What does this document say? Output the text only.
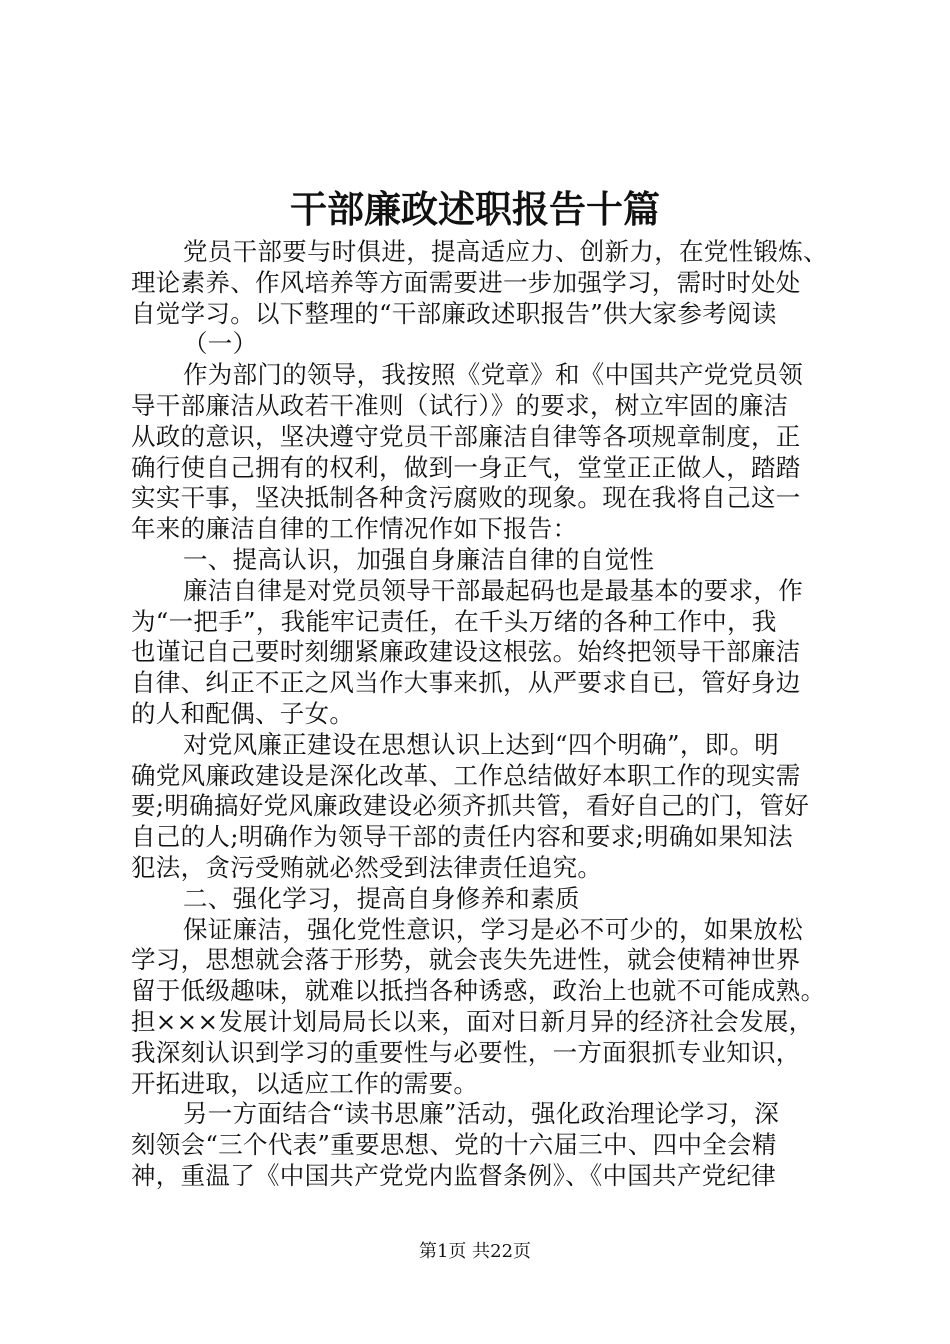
干部廉政述职报告十篇
党员干部要与时俱进，提高适应力、创新力，在党性锻炼、
理论素养、作风培养等方面需要进一步加强学习，需时时处处
自觉学习。以下整理的“干部廉政述职报告”供大家参考阅读
（一）
作为部门的领导，我按照《党章》和《中国共产党党员领
导干部廉洁从政若干准则（试行）》的要求，树立牢固的廉洁
从政的意识，坚决遵守党员干部廉洁自律等各项规章制度，正
确行使自己拥有的权利，做到一身正气，堂堂正正做人，踏踏
实实干事，坚决抵制各种贪污腐败的现象。现在我将自己这一
年来的廉洁自律的工作情况作如下报告：
一、提高认识，加强自身廉洁自律的自觉性
廉洁自律是对党员领导干部最起码也是最基本的要求，作
为“一把手”，我能牢记责任，在千头万绪的各种工作中，我
也谨记自己要时刻绷紧廉政建设这根弦。始终把领导干部廉洁
自律、纠正不正之风当作大事来抓，从严要求自已，管好身边
的人和配偶、子女。
对党风廉正建设在思想认识上达到“四个明确”，即。明
确党风廉政建设是深化改革、工作总结做好本职工作的现实需
要;明确搞好党风廉政建设必须齐抓共管，看好自己的门，管好
自己的人;明确作为领导干部的责任内容和要求;明确如果知法
犯法，贪污受贿就必然受到法律责任追究。
二、强化学习，提高自身修养和素质
保证廉洁，强化党性意识，学习是必不可少的，如果放松
学习，思想就会落于形势，就会丧失先进性，就会使精神世界
留于低级趣味，就难以抵挡各种诱惑，政治上也就不可能成熟。
担×××发展计划局局长以来，面对日新月异的经济社会发展，
我深刻认识到学习的重要性与必要性，一方面狠抓专业知识，
开拓进取，以适应工作的需要。
另一方面结合“读书思廉”活动，强化政治理论学习，深
刻领会“三个代表”重要思想、党的十六届三中、四中全会精
神，重温了《中国共产党党内监督条例》、《中国共产党纪律
第1页 共22页
